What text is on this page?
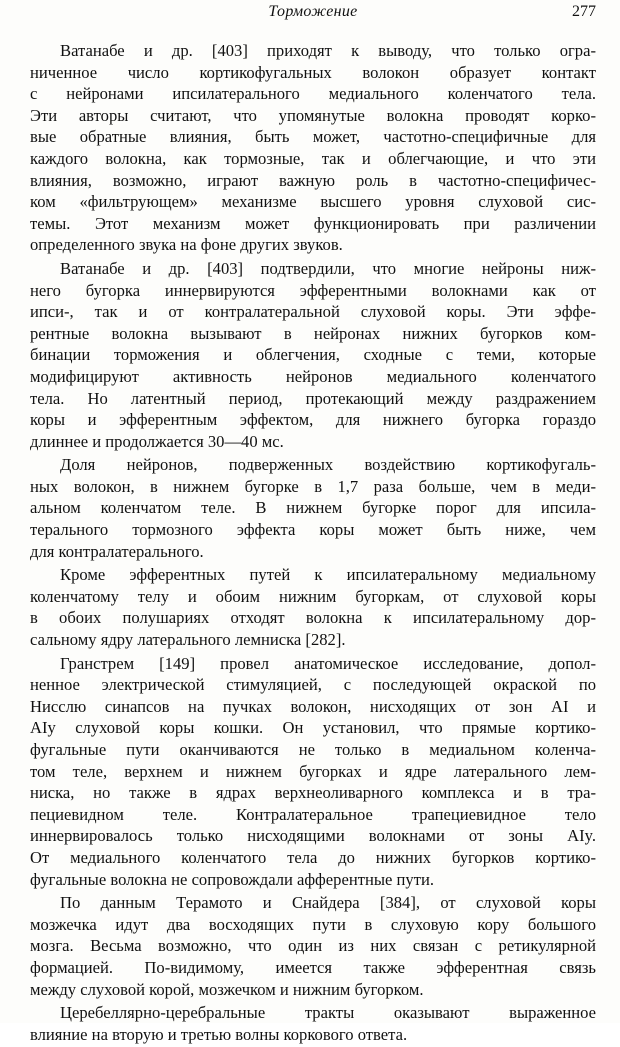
Торможение	277
Ватанабе и др. [403] приходят к выводу, что только огра-
ниченное число кортикофугальных волокон образует контакт
с нейронами ипсилатерального медиального коленчатого тела.
Эти авторы считают, что упомянутые волокна проводят корко-
вые обратные влияния, быть может, частотно-специфичные для
каждого волокна, как тормозные, так и облегчающие, и что эти
влияния, возможно, играют важную роль в частотно-специфичес-
ком «фильтрующем» механизме высшего уровня слуховой сис-
темы. Этот механизм может функционировать при различении
определенного звука на фоне других звуков.
Ватанабе и др. [403] подтвердили, что многие нейроны ниж-
него бугорка иннервируются эфферентными волокнами как от
ипси-, так и от контралатеральной слуховой коры. Эти эффе-
рентные волокна вызывают в нейронах нижних бугорков ком-
бинации торможения и облегчения, сходные с теми, которые
модифицируют активность нейронов медиального коленчатого
тела. Но латентный период, протекающий между раздражением
коры и эфферентным эффектом, для нижнего бугорка гораздо
длиннее и продолжается 30—40 мс.
Доля нейронов, подверженных воздействию кортикофугаль-
ных волокон, в нижнем бугорке в 1,7 раза больше, чем в меди-
альном коленчатом теле. В нижнем бугорке порог для ипсила-
терального тормозного эффекта коры может быть ниже, чем
для контралатерального.
Кроме эфферентных путей к ипсилатеральному медиальному
коленчатому телу и обоим нижним бугоркам, от слуховой коры
в обоих полушариях отходят волокна к ипсилатеральному дор-
сальному ядру латерального лемниска [282].
Гранстрем [149] провел анатомическое исследование, допол-
ненное электрической стимуляцией, с последующей окраской по
Нисслю синапсов на пучках волокон, нисходящих от зон AI и
AIy слуховой коры кошки. Он установил, что прямые кортико-
фугальные пути оканчиваются не только в медиальном коленча-
том теле, верхнем и нижнем бугорках и ядре латерального лем-
ниска, но также в ядрах верхнеоливарного комплекса и в тра-
пециевидном теле. Контралатеральное трапециевидное тело
иннервировалось только нисходящими волокнами от зоны AIy.
От медиального коленчатого тела до нижних бугорков кортико-
фугальные волокна не сопровождали афферентные пути.
По данным Терамото и Снайдера [384], от слуховой коры
мозжечка идут два восходящих пути в слуховую кору большого
мозга. Весьма возможно, что один из них связан с ретикулярной
формацией. По-видимому, имеется также эфферентная связь
между слуховой корой, мозжечком и нижним бугорком.
Церебеллярно-церебральные тракты оказывают выраженное
влияние на вторую и третью волны коркового ответа.
